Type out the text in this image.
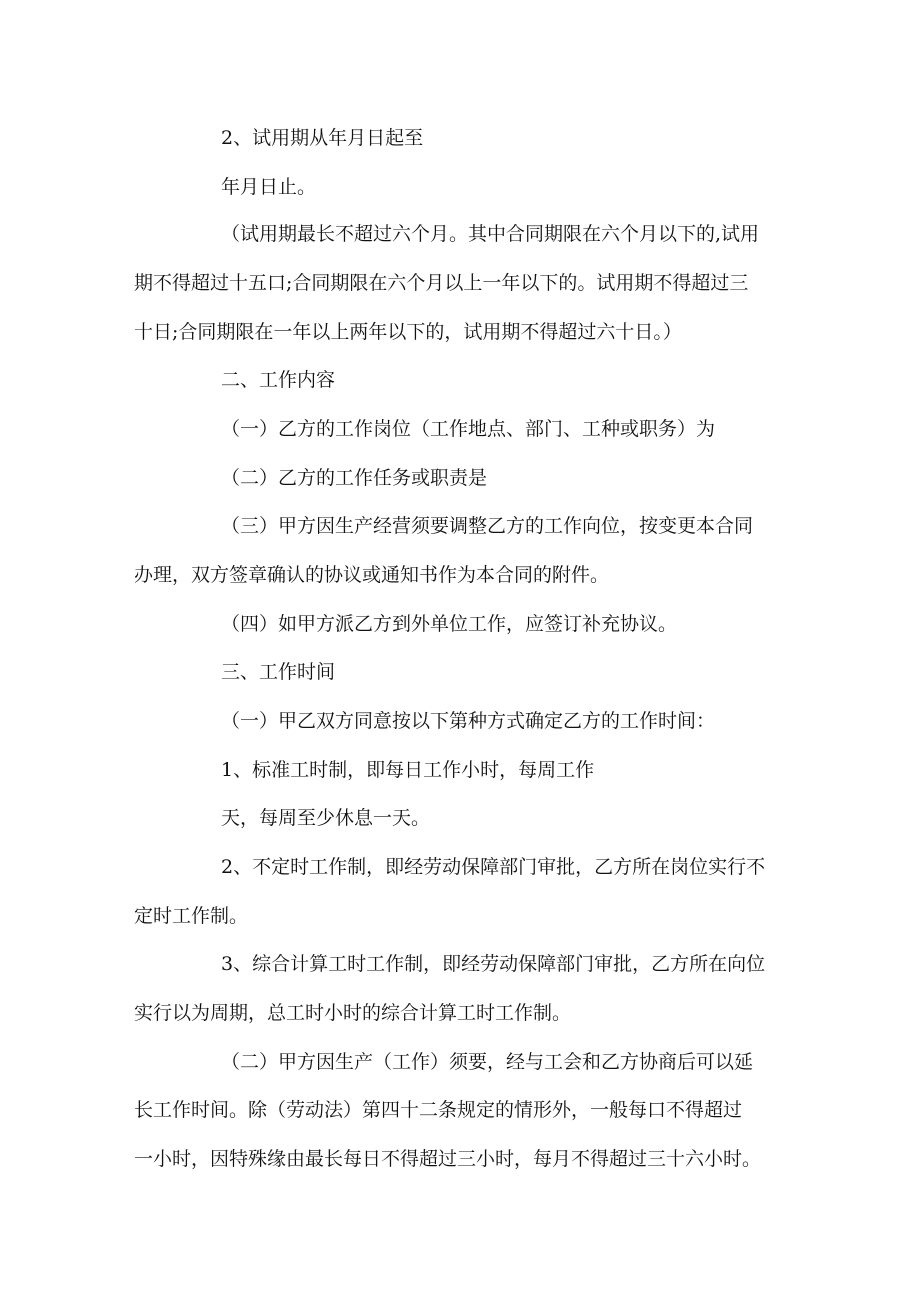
2、试用期从年月日起至
年月日止。
（试用期最长不超过六个月。其中合同期限在六个月以下的,试用
期不得超过十五口;合同期限在六个月以上一年以下的。试用期不得超过三
十日;合同期限在一年以上两年以下的，试用期不得超过六十日。）
二、工作内容
（一）乙方的工作岗位（工作地点、部门、工种或职务）为
（二）乙方的工作任务或职责是
（三）甲方因生产经营须要调整乙方的工作向位，按变更本合同
办理，双方签章确认的协议或通知书作为本合同的附件。
（四）如甲方派乙方到外单位工作，应签订补充协议。
三、工作时间
（一）甲乙双方同意按以下第种方式确定乙方的工作时间：
1、标准工时制，即每日工作小时，每周工作
天，每周至少休息一天。
2、不定时工作制，即经劳动保障部门审批，乙方所在岗位实行不
定时工作制。
3、综合计算工时工作制，即经劳动保障部门审批，乙方所在向位
实行以为周期，总工时小时的综合计算工时工作制。
（二）甲方因生产（工作）须要，经与工会和乙方协商后可以延
长工作时间。除（劳动法）第四十二条规定的情形外，一般每口不得超过
一小时，因特殊缘由最长每日不得超过三小时，每月不得超过三十六小时。
